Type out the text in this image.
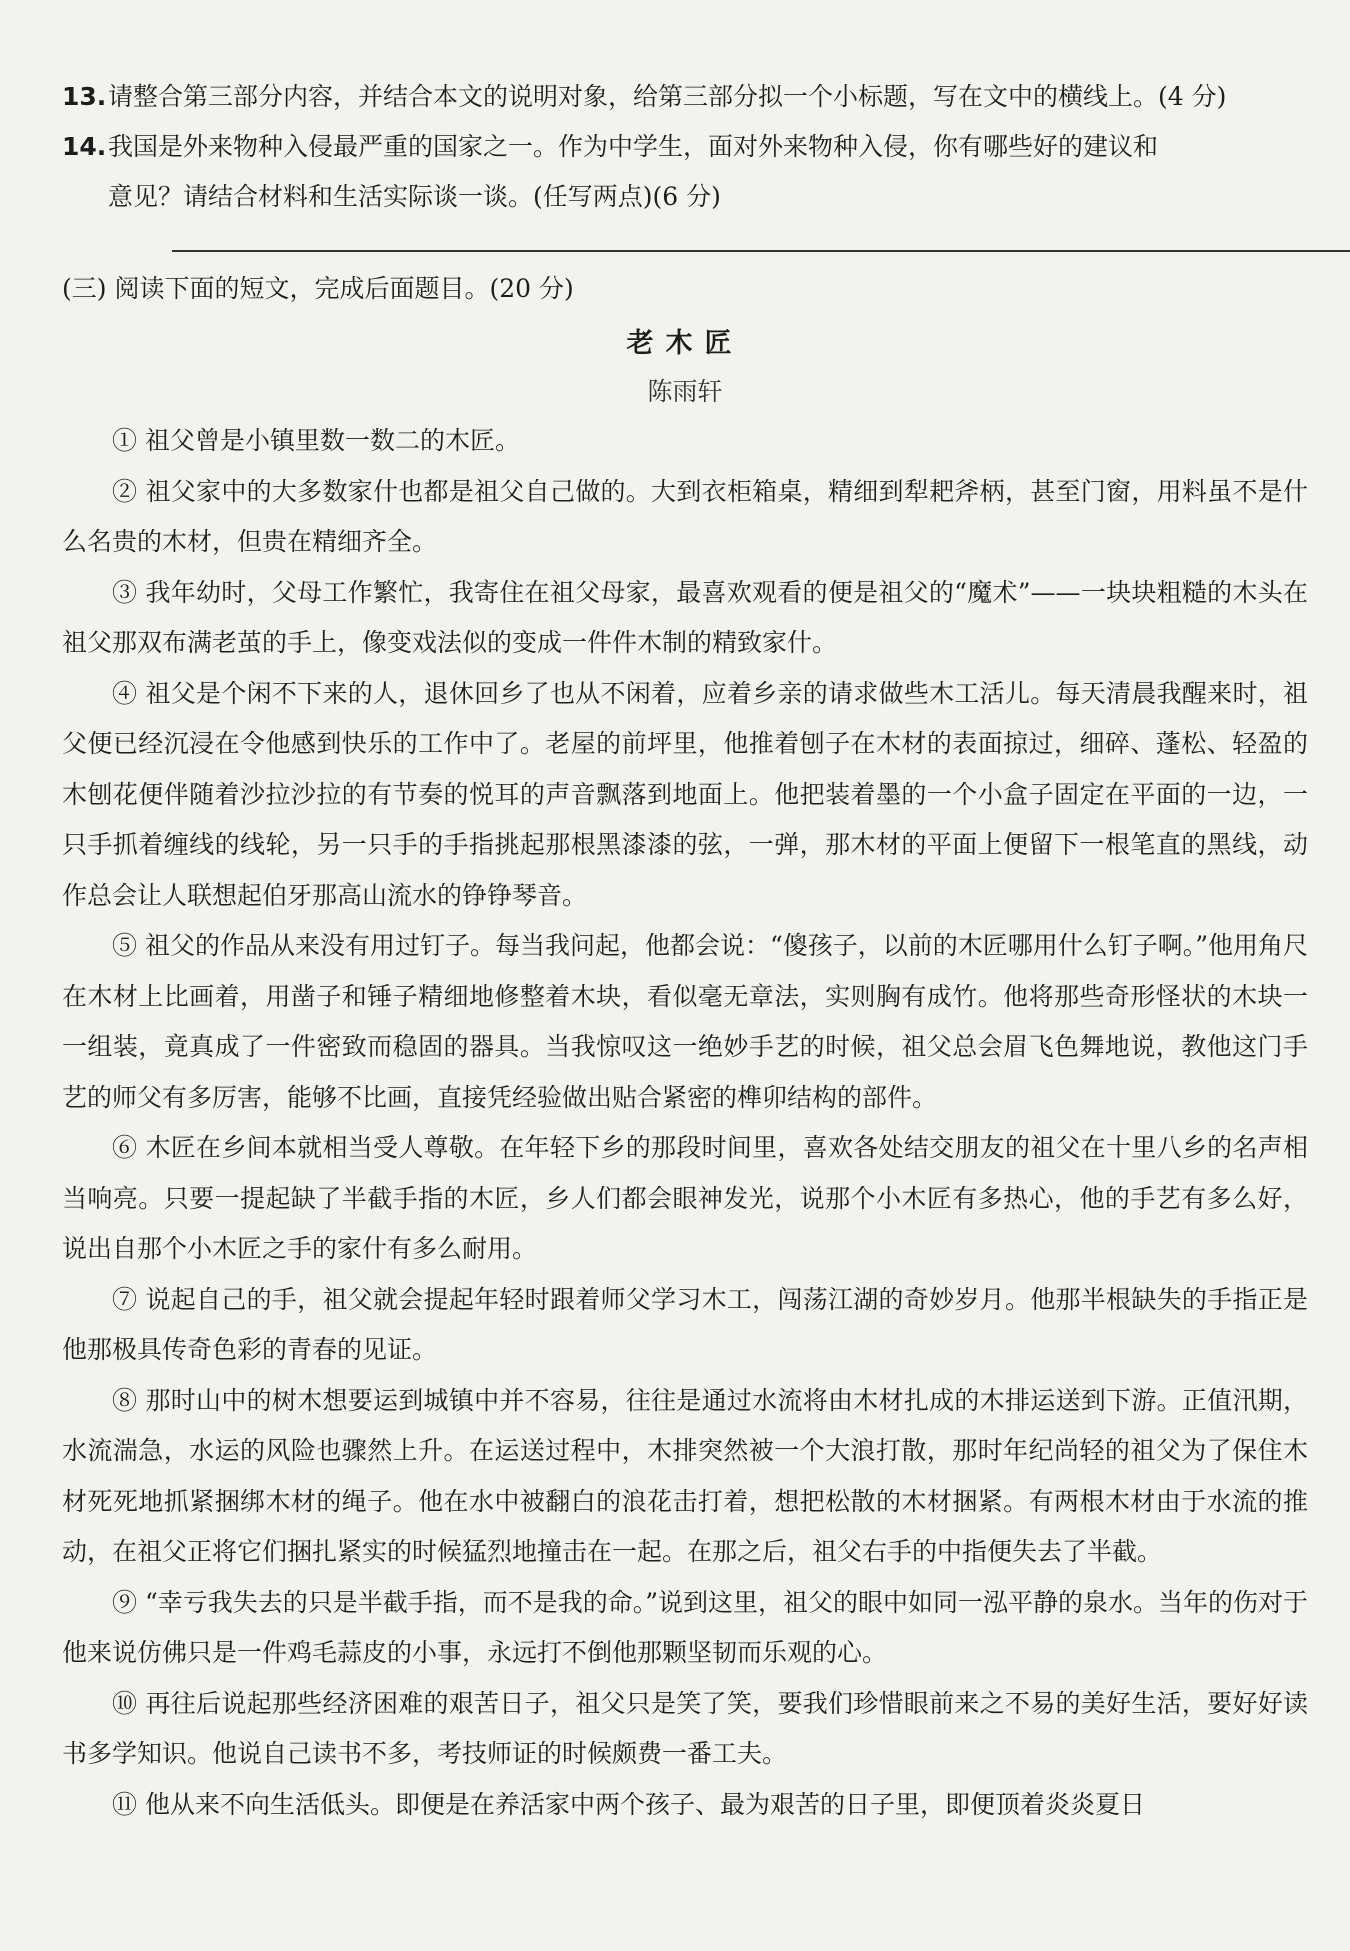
13.请整合第三部分内容，并结合本文的说明对象，给第三部分拟一个小标题，写在文中的横线上。(4 分)
14.我国是外来物种入侵最严重的国家之一。作为中学生，面对外来物种入侵，你有哪些好的建议和
意见？请结合材料和生活实际谈一谈。(任写两点)(6 分)
(三) 阅读下面的短文，完成后面题目。(20 分)
老木匠
陈雨轩

① 祖父曾是小镇里数一数二的木匠。

② 祖父家中的大多数家什也都是祖父自己做的。大到衣柜箱桌，精细到犁耙斧柄，甚至门窗，用料虽不是什么名贵的木材，但贵在精细齐全。

③ 我年幼时，父母工作繁忙，我寄住在祖父母家，最喜欢观看的便是祖父的“魔术”——一块块粗糙的木头在祖父那双布满老茧的手上，像变戏法似的变成一件件木制的精致家什。

④ 祖父是个闲不下来的人，退休回乡了也从不闲着，应着乡亲的请求做些木工活儿。每天清晨我醒来时，祖父便已经沉浸在令他感到快乐的工作中了。老屋的前坪里，他推着刨子在木材的表面掠过，细碎、蓬松、轻盈的木刨花便伴随着沙拉沙拉的有节奏的悦耳的声音飘落到地面上。他把装着墨的一个小盒子固定在平面的一边，一只手抓着缠线的线轮，另一只手的手指挑起那根黑漆漆的弦，一弹，那木材的平面上便留下一根笔直的黑线，动作总会让人联想起伯牙那高山流水的铮铮琴音。

⑤ 祖父的作品从来没有用过钉子。每当我问起，他都会说：“傻孩子，以前的木匠哪用什么钉子啊。”他用角尺在木材上比画着，用凿子和锤子精细地修整着木块，看似毫无章法，实则胸有成竹。他将那些奇形怪状的木块一一组装，竟真成了一件密致而稳固的器具。当我惊叹这一绝妙手艺的时候，祖父总会眉飞色舞地说，教他这门手艺的师父有多厉害，能够不比画，直接凭经验做出贴合紧密的榫卯结构的部件。

⑥ 木匠在乡间本就相当受人尊敬。在年轻下乡的那段时间里，喜欢各处结交朋友的祖父在十里八乡的名声相当响亮。只要一提起缺了半截手指的木匠，乡人们都会眼神发光，说那个小木匠有多热心，他的手艺有多么好，说出自那个小木匠之手的家什有多么耐用。

⑦ 说起自己的手，祖父就会提起年轻时跟着师父学习木工，闯荡江湖的奇妙岁月。他那半根缺失的手指正是他那极具传奇色彩的青春的见证。

⑧ 那时山中的树木想要运到城镇中并不容易，往往是通过水流将由木材扎成的木排运送到下游。正值汛期，水流湍急，水运的风险也骤然上升。在运送过程中，木排突然被一个大浪打散，那时年纪尚轻的祖父为了保住木材死死地抓紧捆绑木材的绳子。他在水中被翻白的浪花击打着，想把松散的木材捆紧。有两根木材由于水流的推动，在祖父正将它们捆扎紧实的时候猛烈地撞击在一起。在那之后，祖父右手的中指便失去了半截。

⑨ “幸亏我失去的只是半截手指，而不是我的命。”说到这里，祖父的眼中如同一泓平静的泉水。当年的伤对于他来说仿佛只是一件鸡毛蒜皮的小事，永远打不倒他那颗坚韧而乐观的心。

⑩ 再往后说起那些经济困难的艰苦日子，祖父只是笑了笑，要我们珍惜眼前来之不易的美好生活，要好好读书多学知识。他说自己读书不多，考技师证的时候颇费一番工夫。

⑪ 他从来不向生活低头。即便是在养活家中两个孩子、最为艰苦的日子里，即便顶着炎炎夏日
